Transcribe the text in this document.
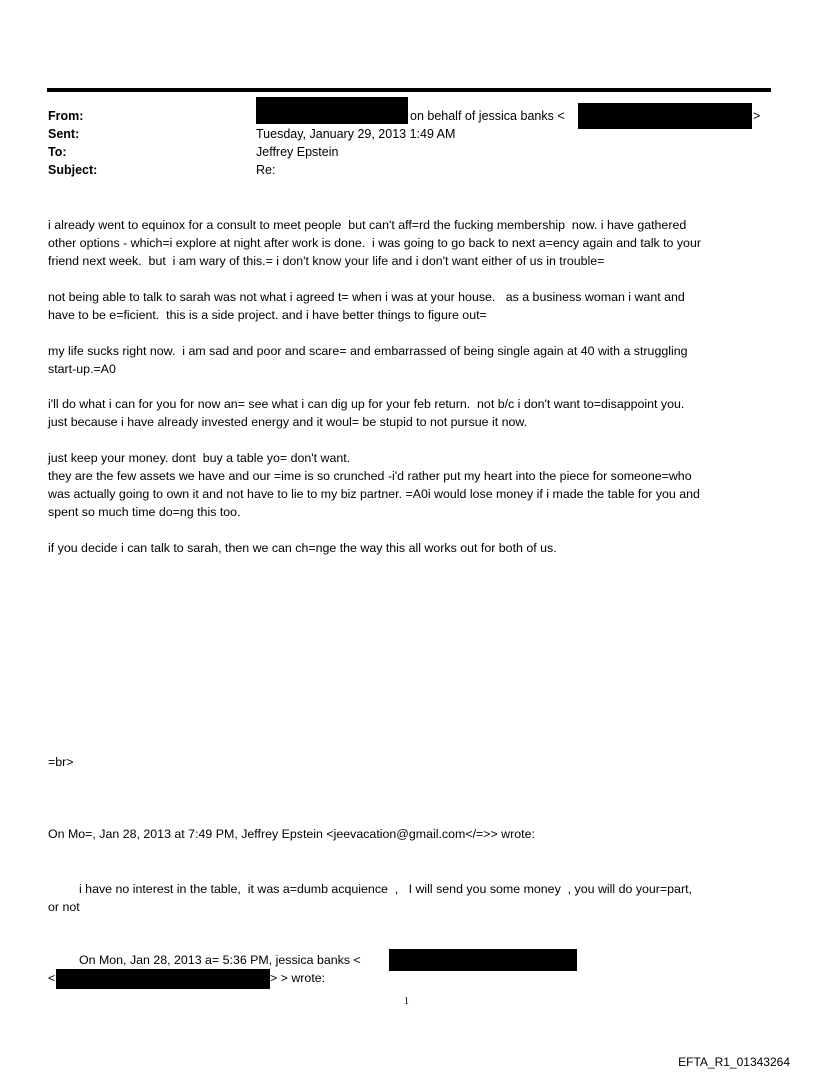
From:
Sent:
To:
Subject:
on behalf of jessica banks <	>
Tuesday, January 29, 2013 1:49 AM
Jeffrey Epstein
Re:
i already went to equinox for a consult to meet people  but can't aff=rd the fucking membership  now. i have gathered
other options - which=i explore at night after work is done.  i was going to go back to next a=ency again and talk to your
friend next week.  but  i am wary of this.= i don't know your life and i don't want either of us in trouble=
not being able to talk to sarah was not what i agreed t= when i was at your house.   as a business woman i want and
have to be e=ficient.  this is a side project. and i have better things to figure out=
my life sucks right now.  i am sad and poor and scare= and embarrassed of being single again at 40 with a struggling
start-up.=A0
i'll do what i can for you for now an= see what i can dig up for your feb return.  not b/c i don't want to=disappoint you.
just because i have already invested energy and it woul= be stupid to not pursue it now.
just keep your money. dont  buy a table yo= don't want.
they are the few assets we have and our =ime is so crunched -i'd rather put my heart into the piece for someone=who
was actually going to own it and not have to lie to my biz partner. =A0i would lose money if i made the table for you and
spent so much time do=ng this too.
if you decide i can talk to sarah, then we can ch=nge the way this all works out for both of us.
=br>
On Mo=, Jan 28, 2013 at 7:49 PM, Jeffrey Epstein <jeevacation@gmail.com</=>> wrote:
i have no interest in the table,  it was a=dumb acquience  ,   I will send you some money  , you will do your=part,
or not
On Mon, Jan 28, 2013 a= 5:36 PM, jessica banks <
<	> > wrote:
1
EFTA_R1_01343264
